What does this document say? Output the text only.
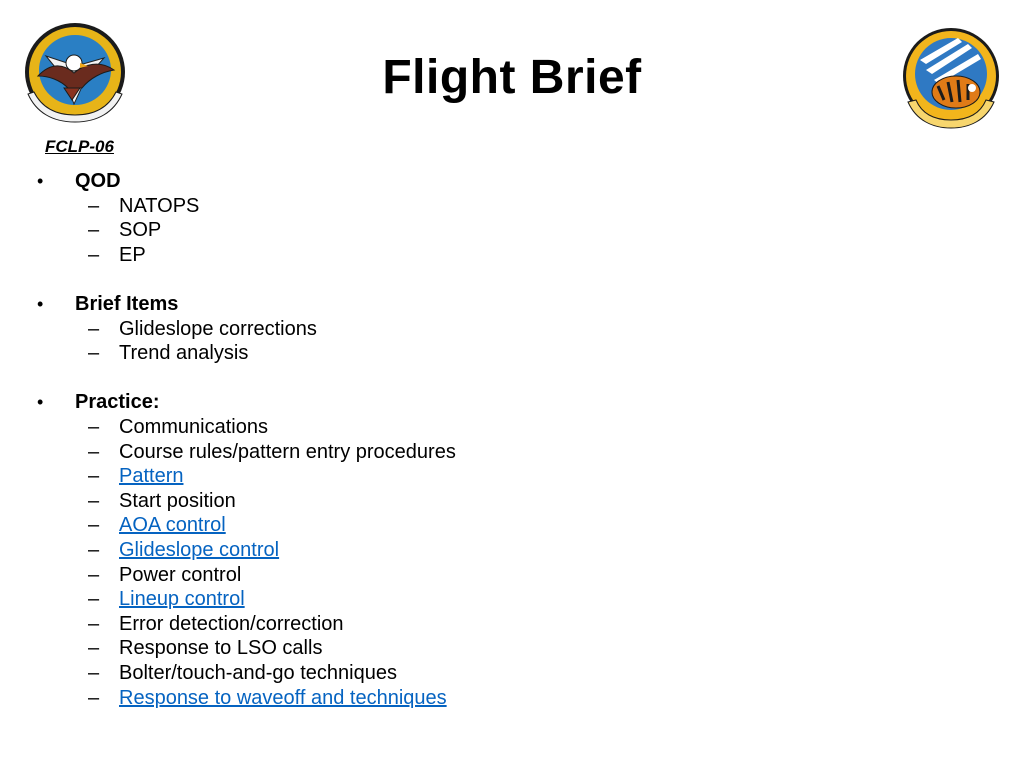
Flight Brief
FCLP-06
• QOD
– NATOPS
– SOP
– EP
• Brief Items
– Glideslope corrections
– Trend analysis
• Practice:
– Communications
– Course rules/pattern entry procedures
– Pattern
– Start position
– AOA control
– Glideslope control
– Power control
– Lineup control
– Error detection/correction
– Response to LSO calls
– Bolter/touch-and-go techniques
– Response to waveoff and techniques
